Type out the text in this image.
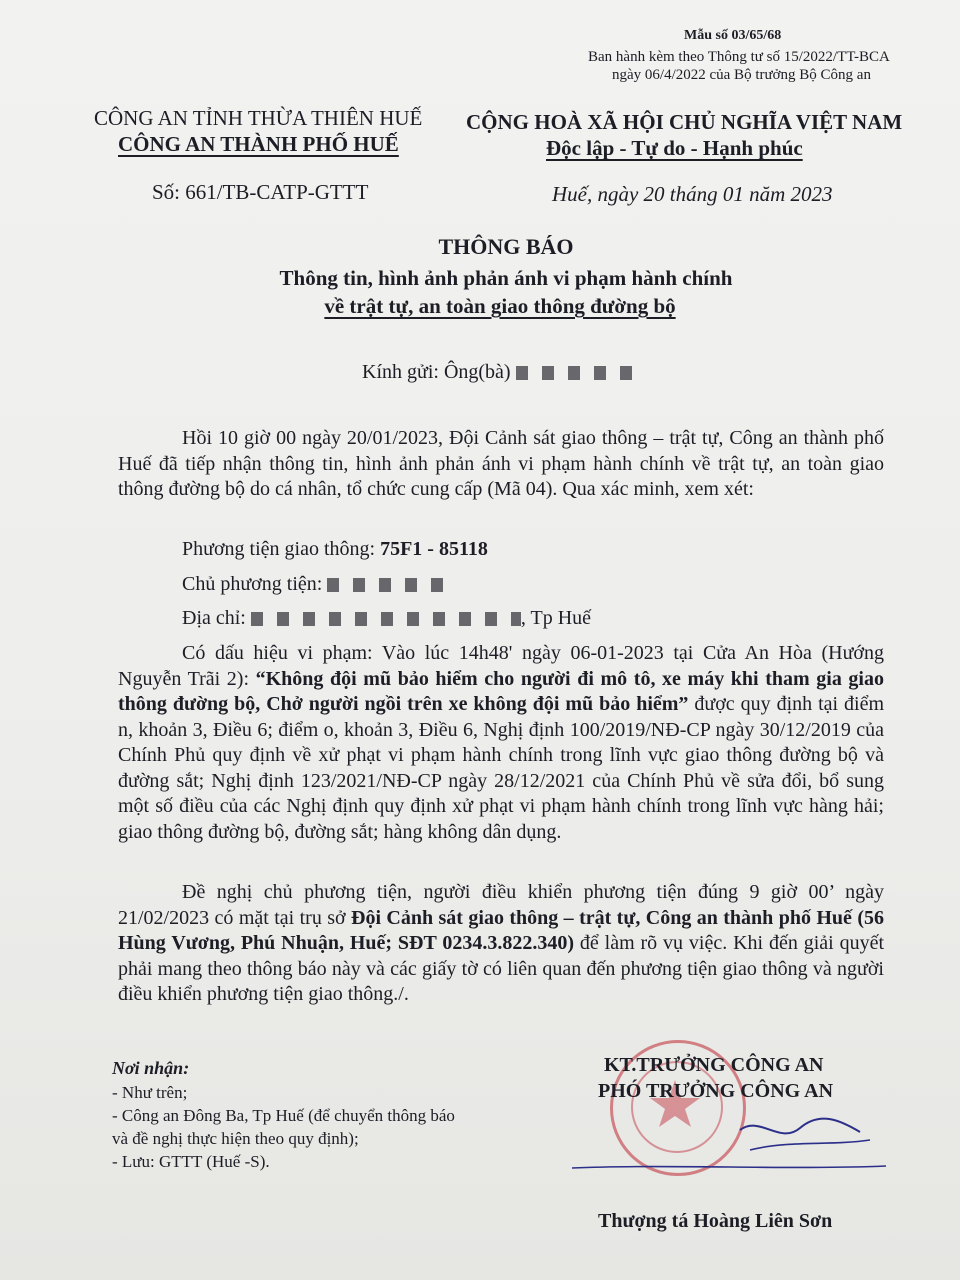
Mẫu số 03/65/68
Ban hành kèm theo Thông tư số 15/2022/TT-BCA
ngày 06/4/2022 của Bộ trưởng Bộ Công an
CÔNG AN TỈNH THỪA THIÊN HUẾ
CÔNG AN THÀNH PHỐ HUẾ
Số: 661/TB-CATP-GTTT
CỘNG HOÀ XÃ HỘI CHỦ NGHĨA VIỆT NAM
Độc lập - Tự do - Hạnh phúc
Huế, ngày 20 tháng 01 năm 2023
THÔNG BÁO
Thông tin, hình ảnh phản ánh vi phạm hành chính
về trật tự, an toàn giao thông đường bộ
Kính gửi: Ông(bà)
Hồi 10 giờ 00 ngày 20/01/2023, Đội Cảnh sát giao thông – trật tự, Công an thành phố Huế đã tiếp nhận thông tin, hình ảnh phản ánh vi phạm hành chính về trật tự, an toàn giao thông đường bộ do cá nhân, tổ chức cung cấp (Mã 04). Qua xác minh, xem xét:
Phương tiện giao thông: 75F1 - 85118
Chủ phương tiện:
Địa chỉ:	, Tp Huế
Có dấu hiệu vi phạm: Vào lúc 14h48' ngày 06-01-2023 tại Cửa An Hòa (Hướng Nguyễn Trãi 2): “Không đội mũ bảo hiểm cho người đi mô tô, xe máy khi tham gia giao thông đường bộ, Chở người ngồi trên xe không đội mũ bảo hiểm” được quy định tại điểm n, khoản 3, Điều 6; điểm o, khoản 3, Điều 6, Nghị định 100/2019/NĐ-CP ngày 30/12/2019 của Chính Phủ quy định về xử phạt vi phạm hành chính trong lĩnh vực giao thông đường bộ và đường sắt; Nghị định 123/2021/NĐ-CP ngày 28/12/2021 của Chính Phủ về sửa đổi, bổ sung một số điều của các Nghị định quy định xử phạt vi phạm hành chính trong lĩnh vực hàng hải; giao thông đường bộ, đường sắt; hàng không dân dụng.
Đề nghị chủ phương tiện, người điều khiển phương tiện đúng 9 giờ 00’ ngày 21/02/2023 có mặt tại trụ sở Đội Cảnh sát giao thông – trật tự, Công an thành phố Huế (56 Hùng Vương, Phú Nhuận, Huế; SĐT 0234.3.822.340) để làm rõ vụ việc. Khi đến giải quyết phải mang theo thông báo này và các giấy tờ có liên quan đến phương tiện giao thông và người điều khiển phương tiện giao thông./.
Nơi nhận:
- Như trên;
- Công an Đông Ba, Tp Huế (để chuyển thông báo
và đề nghị thực hiện theo quy định);
- Lưu: GTTT (Huế -S).
KT.TRƯỞNG CÔNG AN
PHÓ TRƯỞNG CÔNG AN
Thượng tá Hoàng Liên Sơn
